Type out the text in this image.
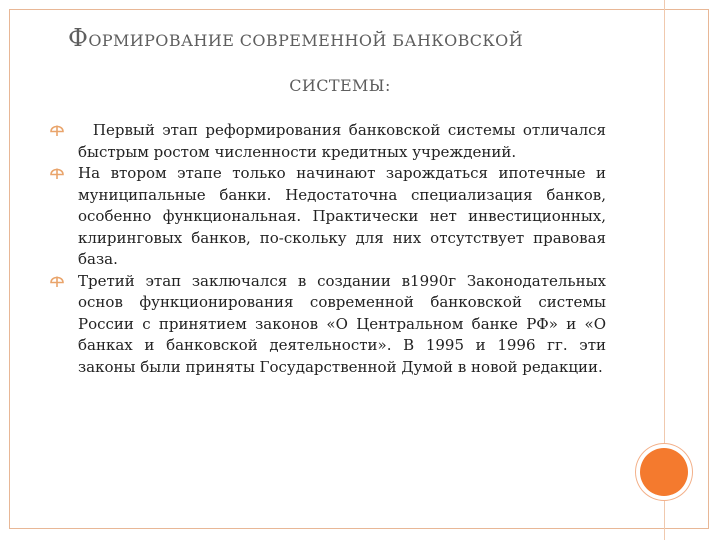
ФОРМИРОВАНИЕ СОВРЕМЕННОЙ БАНКОВСКОЙ
СИСТЕМЫ:
Первый этап реформирования банковской системы отличался быстрым ростом численности кредитных учреждений.
На втором этапе только начинают зарождаться ипотечные и муниципальные банки. Недостаточна специализация банков, особенно функциональная. Практически нет инвестиционных, клиринговых банков, по-скольку для них отсутствует правовая база.
Третий этап заключался в создании в1990г Законодательных основ функционирования современной банковской системы России с принятием законов «О Центральном банке РФ» и «О банках и банковской деятельности». В 1995 и 1996 гг. эти законы были приняты Государственной Думой в новой редакции.
